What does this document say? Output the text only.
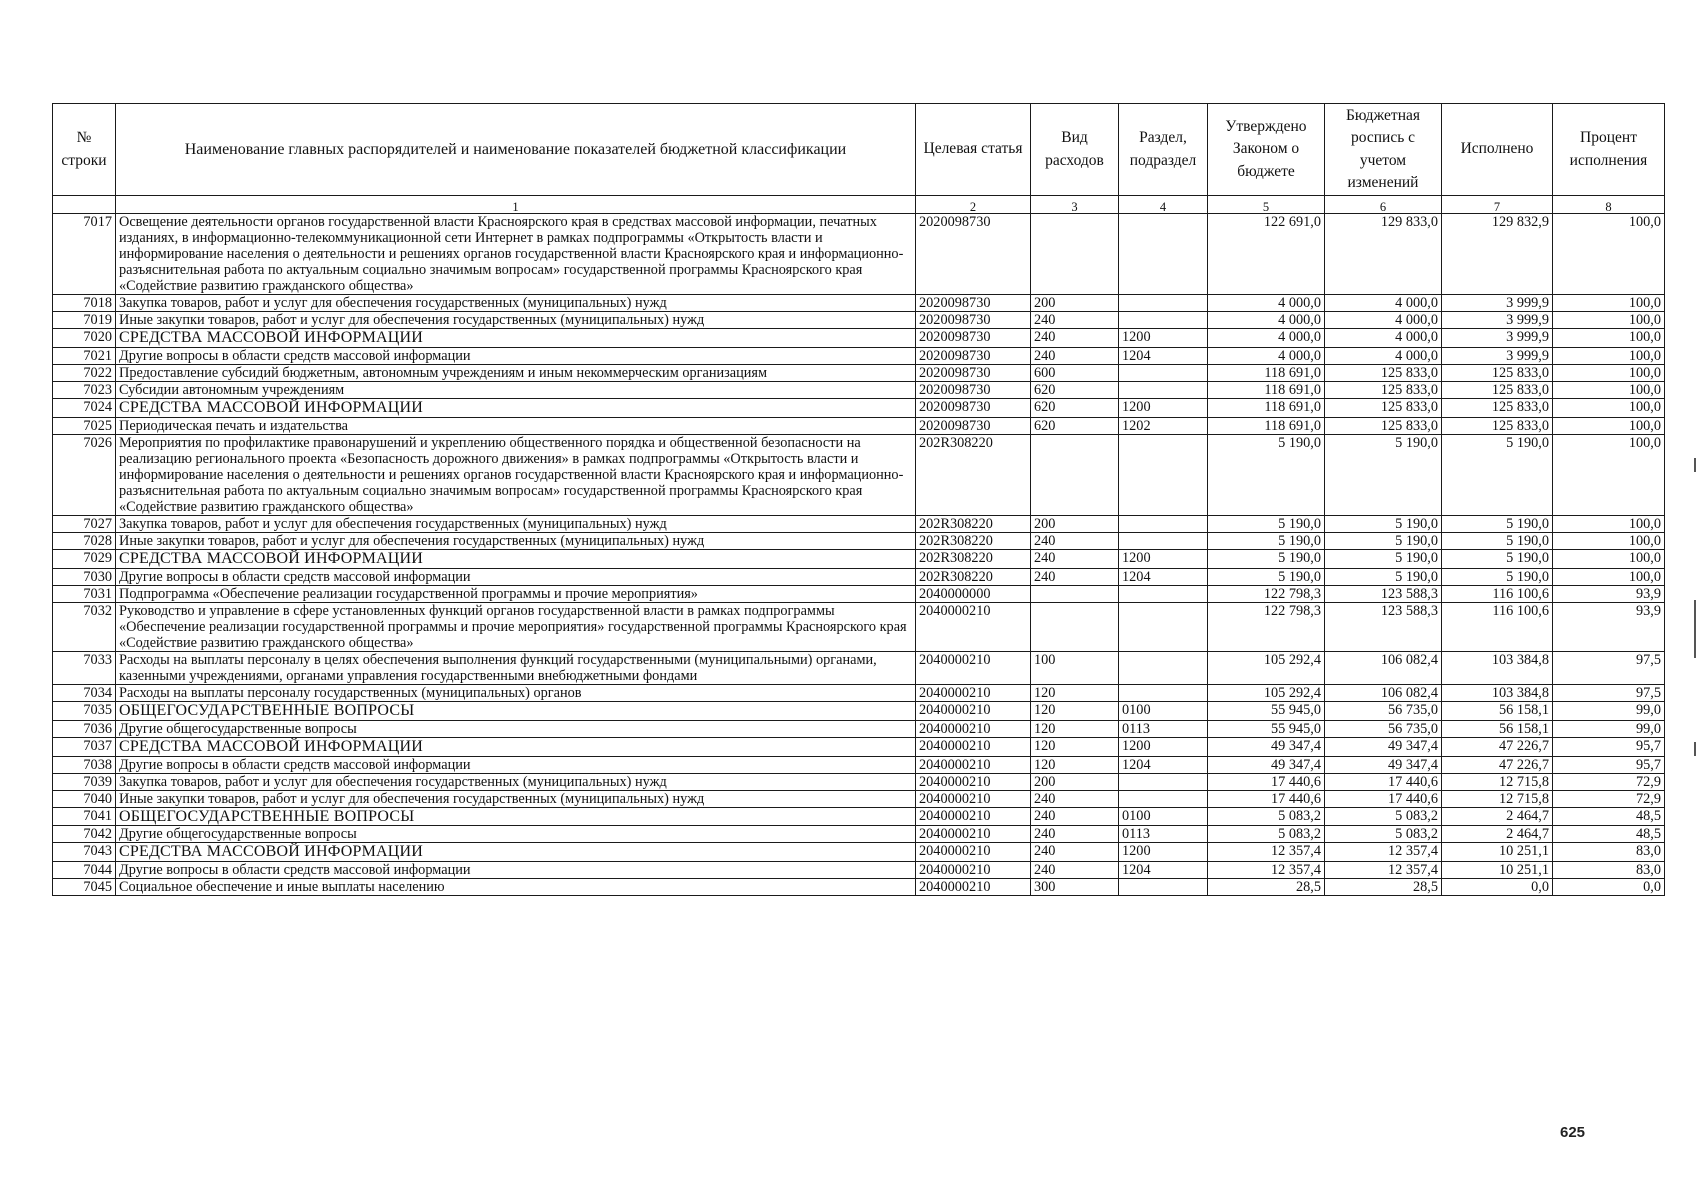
№ строки	Наименование главных распорядителей и наименование показателей бюджетной классификации	Целевая статья	Вид расходов	Раздел, подраздел	Утверждено Законом о бюджете	Бюджетная роспись с учетом изменений	Исполнено	Процент исполнения
	1	2	3	4	5	6	7	8
7017	Освещение деятельности органов государственной власти Красноярского края в средствах массовой информации, печатных изданиях, в информационно-телекоммуникационной сети Интернет в рамках подпрограммы «Открытость власти и информирование населения о деятельности и решениях органов государственной власти Красноярского края и информационно-разъяснительная работа по актуальным социально значимым вопросам» государственной программы Красноярского края «Содействие развитию гражданского общества»	2020098730			122 691,0	129 833,0	129 832,9	100,0
7018	Закупка товаров, работ и услуг для обеспечения государственных (муниципальных) нужд	2020098730	200		4 000,0	4 000,0	3 999,9	100,0
7019	Иные закупки товаров, работ и услуг для обеспечения государственных (муниципальных) нужд	2020098730	240		4 000,0	4 000,0	3 999,9	100,0
7020	СРЕДСТВА МАССОВОЙ ИНФОРМАЦИИ	2020098730	240	1200	4 000,0	4 000,0	3 999,9	100,0
7021	Другие вопросы в области средств массовой информации	2020098730	240	1204	4 000,0	4 000,0	3 999,9	100,0
7022	Предоставление субсидий бюджетным, автономным учреждениям и иным некоммерческим организациям	2020098730	600		118 691,0	125 833,0	125 833,0	100,0
7023	Субсидии автономным учреждениям	2020098730	620		118 691,0	125 833,0	125 833,0	100,0
7024	СРЕДСТВА МАССОВОЙ ИНФОРМАЦИИ	2020098730	620	1200	118 691,0	125 833,0	125 833,0	100,0
7025	Периодическая печать и издательства	2020098730	620	1202	118 691,0	125 833,0	125 833,0	100,0
7026	Мероприятия по профилактике правонарушений и укреплению общественного порядка и общественной безопасности на реализацию регионального проекта «Безопасность дорожного движения» в рамках подпрограммы «Открытость власти и информирование населения о деятельности и решениях органов государственной власти Красноярского края и информационно-разъяснительная работа по актуальным социально значимым вопросам» государственной программы Красноярского края «Содействие развитию гражданского общества»	202R308220			5 190,0	5 190,0	5 190,0	100,0
7027	Закупка товаров, работ и услуг для обеспечения государственных (муниципальных) нужд	202R308220	200		5 190,0	5 190,0	5 190,0	100,0
7028	Иные закупки товаров, работ и услуг для обеспечения государственных (муниципальных) нужд	202R308220	240		5 190,0	5 190,0	5 190,0	100,0
7029	СРЕДСТВА МАССОВОЙ ИНФОРМАЦИИ	202R308220	240	1200	5 190,0	5 190,0	5 190,0	100,0
7030	Другие вопросы в области средств массовой информации	202R308220	240	1204	5 190,0	5 190,0	5 190,0	100,0
7031	Подпрограмма «Обеспечение реализации государственной программы и прочие мероприятия»	2040000000			122 798,3	123 588,3	116 100,6	93,9
7032	Руководство и управление в сфере установленных функций органов государственной власти в рамках подпрограммы «Обеспечение реализации государственной программы и прочие мероприятия» государственной программы Красноярского края «Содействие развитию гражданского общества»	2040000210			122 798,3	123 588,3	116 100,6	93,9
7033	Расходы на выплаты персоналу в целях обеспечения выполнения функций государственными (муниципальными) органами, казенными учреждениями, органами управления государственными внебюджетными фондами	2040000210	100		105 292,4	106 082,4	103 384,8	97,5
7034	Расходы на выплаты персоналу государственных (муниципальных) органов	2040000210	120		105 292,4	106 082,4	103 384,8	97,5
7035	ОБЩЕГОСУДАРСТВЕННЫЕ ВОПРОСЫ	2040000210	120	0100	55 945,0	56 735,0	56 158,1	99,0
7036	Другие общегосударственные вопросы	2040000210	120	0113	55 945,0	56 735,0	56 158,1	99,0
7037	СРЕДСТВА МАССОВОЙ ИНФОРМАЦИИ	2040000210	120	1200	49 347,4	49 347,4	47 226,7	95,7
7038	Другие вопросы в области средств массовой информации	2040000210	120	1204	49 347,4	49 347,4	47 226,7	95,7
7039	Закупка товаров, работ и услуг для обеспечения государственных (муниципальных) нужд	2040000210	200		17 440,6	17 440,6	12 715,8	72,9
7040	Иные закупки товаров, работ и услуг для обеспечения государственных (муниципальных) нужд	2040000210	240		17 440,6	17 440,6	12 715,8	72,9
7041	ОБЩЕГОСУДАРСТВЕННЫЕ ВОПРОСЫ	2040000210	240	0100	5 083,2	5 083,2	2 464,7	48,5
7042	Другие общегосударственные вопросы	2040000210	240	0113	5 083,2	5 083,2	2 464,7	48,5
7043	СРЕДСТВА МАССОВОЙ ИНФОРМАЦИИ	2040000210	240	1200	12 357,4	12 357,4	10 251,1	83,0
7044	Другие вопросы в области средств массовой информации	2040000210	240	1204	12 357,4	12 357,4	10 251,1	83,0
7045	Социальное обеспечение и иные выплаты населению	2040000210	300		28,5	28,5	0,0	0,0
625
